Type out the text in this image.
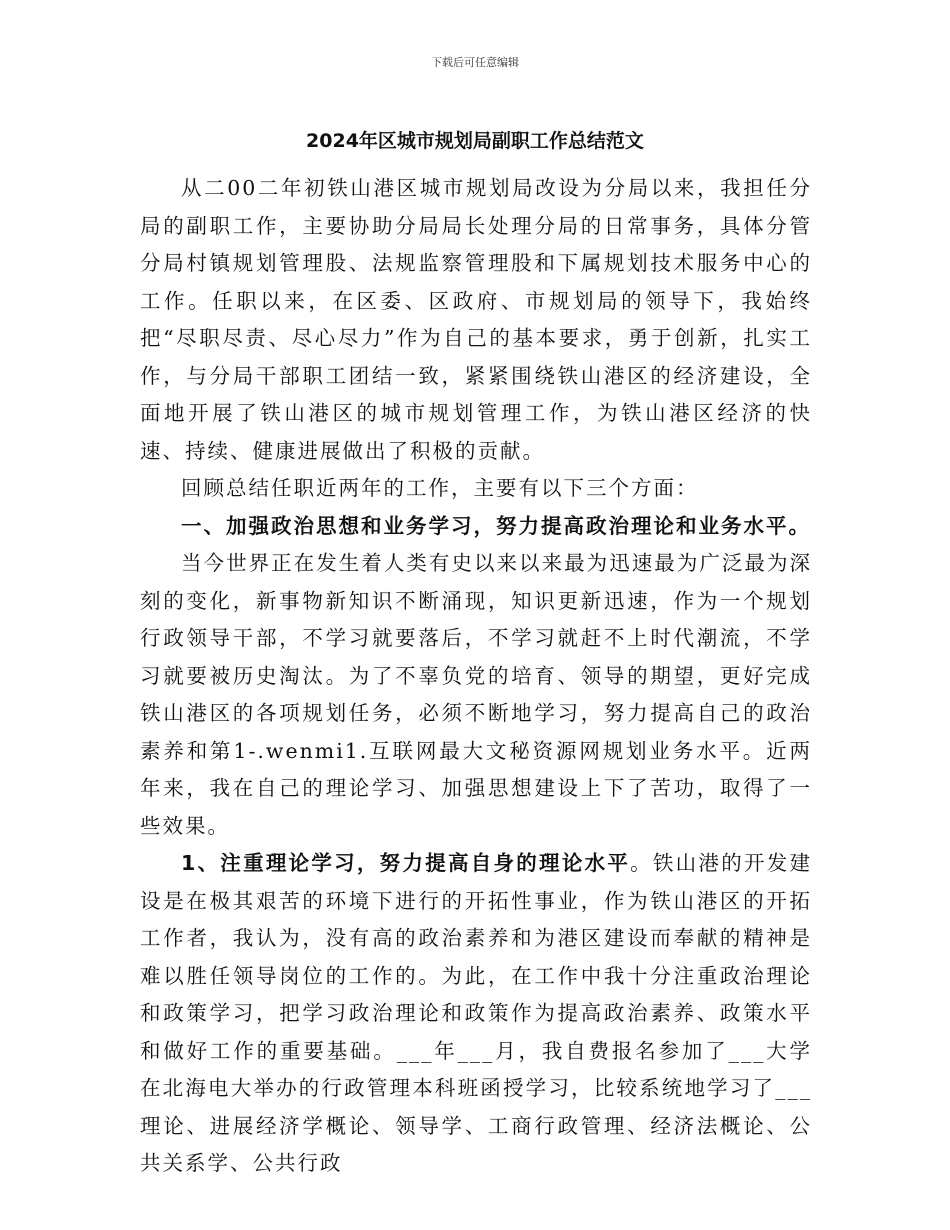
下载后可任意编辑
2024年区城市规划局副职工作总结范文

从二00二年初铁山港区城市规划局改设为分局以来，我担任分局的副职工作，主要协助分局局长处理分局的日常事务，具体分管分局村镇规划管理股、法规监察管理股和下属规划技术服务中心的工作。任职以来，在区委、区政府、市规划局的领导下，我始终把“尽职尽责、尽心尽力”作为自己的基本要求，勇于创新，扎实工作，与分局干部职工团结一致，紧紧围绕铁山港区的经济建设，全面地开展了铁山港区的城市规划管理工作，为铁山港区经济的快速、持续、健康进展做出了积极的贡献。

回顾总结任职近两年的工作，主要有以下三个方面：

一、加强政治思想和业务学习，努力提高政治理论和业务水平。

当今世界正在发生着人类有史以来以来最为迅速最为广泛最为深刻的变化，新事物新知识不断涌现，知识更新迅速，作为一个规划行政领导干部，不学习就要落后，不学习就赶不上时代潮流，不学习就要被历史淘汰。为了不辜负党的培育、领导的期望，更好完成铁山港区的各项规划任务，必须不断地学习，努力提高自己的政治素养和第1-.wenmi1.互联网最大文秘资源网规划业务水平。近两年来，我在自己的理论学习、加强思想建设上下了苦功，取得了一些效果。

1、注重理论学习，努力提高自身的理论水平。铁山港的开发建设是在极其艰苦的环境下进行的开拓性事业，作为铁山港区的开拓工作者，我认为，没有高的政治素养和为港区建设而奉献的精神是难以胜任领导岗位的工作的。为此，在工作中我十分注重政治理论和政策学习，把学习政治理论和政策作为提高政治素养、政策水平和做好工作的重要基础。___年___月，我自费报名参加了___大学在北海电大举办的行政管理本科班函授学习，比较系统地学习了___理论、进展经济学概论、领导学、工商行政管理、经济法概论、公共关系学、公共行政
